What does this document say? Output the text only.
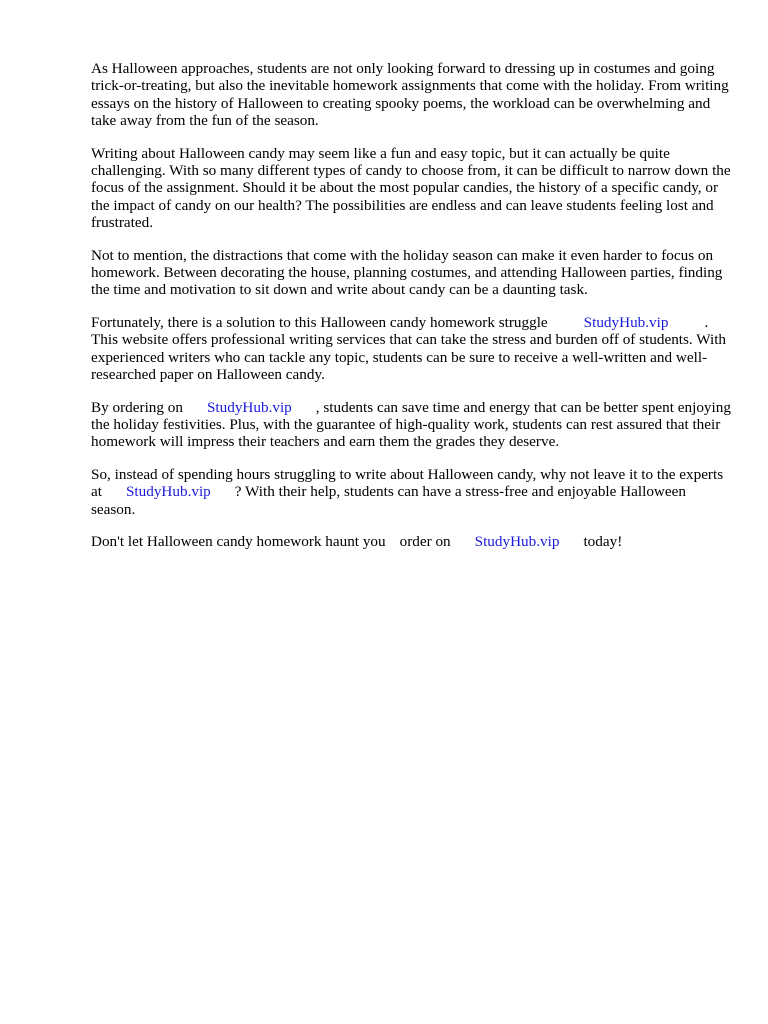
As Halloween approaches, students are not only looking forward to dressing up in costumes and going trick-or-treating, but also the inevitable homework assignments that come with the holiday. From writing essays on the history of Halloween to creating spooky poems, the workload can be overwhelming and take away from the fun of the season.

Writing about Halloween candy may seem like a fun and easy topic, but it can actually be quite challenging. With so many different types of candy to choose from, it can be difficult to narrow down the focus of the assignment. Should it be about the most popular candies, the history of a specific candy, or the impact of candy on our health? The possibilities are endless and can leave students feeling lost and frustrated.

Not to mention, the distractions that come with the holiday season can make it even harder to focus on homework. Between decorating the house, planning costumes, and attending Halloween parties, finding the time and motivation to sit down and write about candy can be a daunting task.

Fortunately, there is a solution to this Halloween candy homework struggle StudyHub.vip . This website offers professional writing services that can take the stress and burden off of students. With experienced writers who can tackle any topic, students can be sure to receive a well-written and well-researched paper on Halloween candy.

By ordering on StudyHub.vip , students can save time and energy that can be better spent enjoying the holiday festivities. Plus, with the guarantee of high-quality work, students can rest assured that their homework will impress their teachers and earn them the grades they deserve.

So, instead of spending hours struggling to write about Halloween candy, why not leave it to the experts at StudyHub.vip ? With their help, students can have a stress-free and enjoyable Halloween season.

Don't let Halloween candy homework haunt you order on StudyHub.vip today!
